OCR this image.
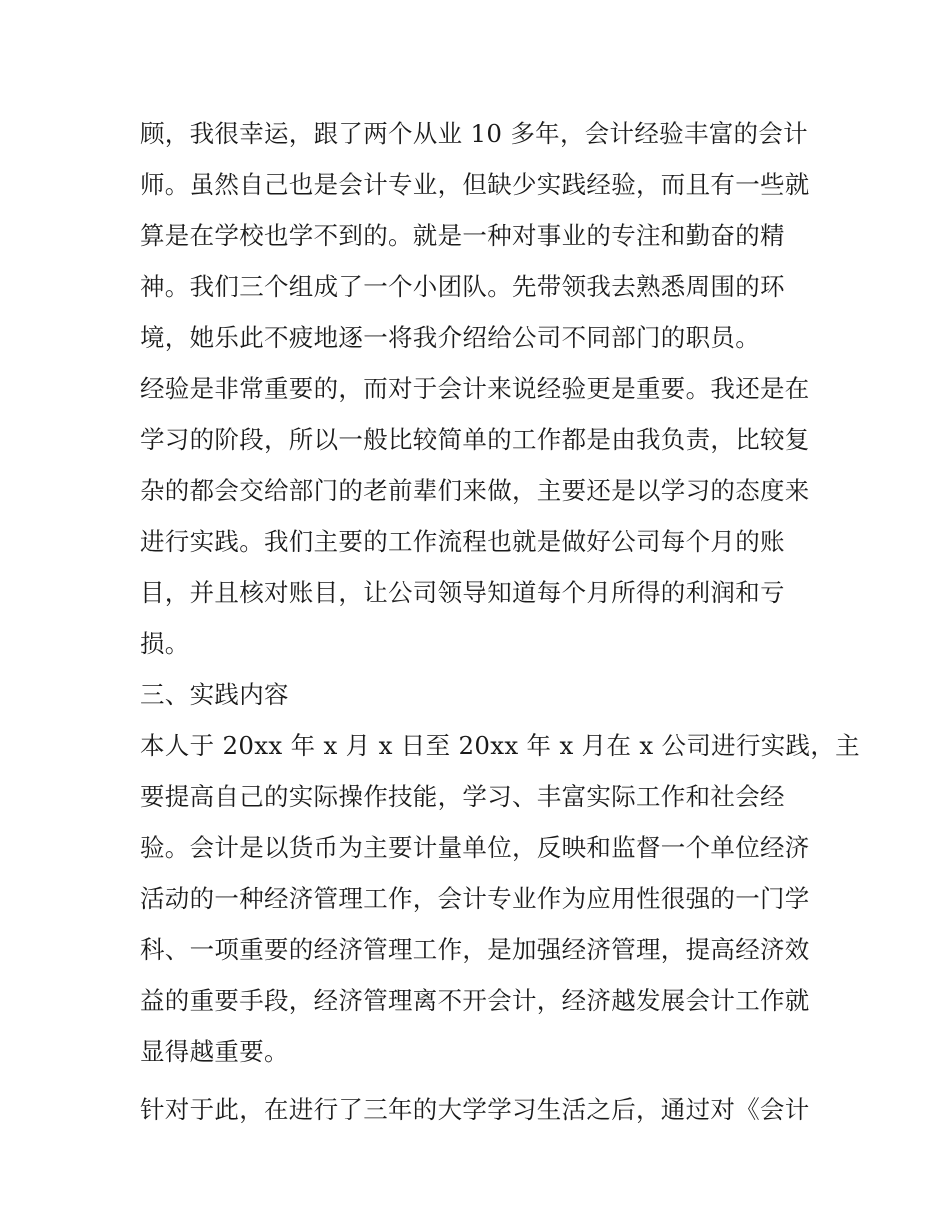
顾，我很幸运，跟了两个从业 10 多年，会计经验丰富的会计
师。虽然自己也是会计专业，但缺少实践经验，而且有一些就
算是在学校也学不到的。就是一种对事业的专注和勤奋的精
神。我们三个组成了一个小团队。先带领我去熟悉周围的环
境，她乐此不疲地逐一将我介绍给公司不同部门的职员。
经验是非常重要的，而对于会计来说经验更是重要。我还是在
学习的阶段，所以一般比较简单的工作都是由我负责，比较复
杂的都会交给部门的老前辈们来做，主要还是以学习的态度来
进行实践。我们主要的工作流程也就是做好公司每个月的账
目，并且核对账目，让公司领导知道每个月所得的利润和亏
损。
三、实践内容
本人于 20xx 年 x 月 x 日至 20xx 年 x 月在 x 公司进行实践，主
要提高自己的实际操作技能，学习、丰富实际工作和社会经
验。会计是以货币为主要计量单位，反映和监督一个单位经济
活动的一种经济管理工作，会计专业作为应用性很强的一门学
科、一项重要的经济管理工作，是加强经济管理，提高经济效
益的重要手段，经济管理离不开会计，经济越发展会计工作就
显得越重要。
针对于此，在进行了三年的大学学习生活之后，通过对《会计
